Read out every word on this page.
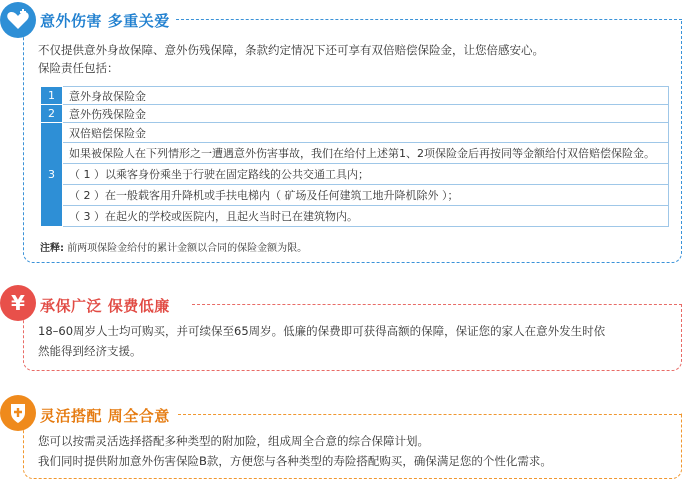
意外伤害 多重关爱
不仅提供意外身故保障、意外伤残保障，条款约定情况下还可享有双倍赔偿保险金，让您倍感安心。
保险责任包括：
1	意外身故保险金
2	意外伤残保险金
3	双倍赔偿保险金
	如果被保险人在下列情形之一遭遇意外伤害事故，我们在给付上述第1、2项保险金后再按同等金额给付双倍赔偿保险金。
	（ 1 ）以乘客身份乘坐于行驶在固定路线的公共交通工具内；
	（ 2 ）在一般载客用升降机或手扶电梯内（ 矿场及任何建筑工地升降机除外 ）；
	（ 3 ）在起火的学校或医院内，且起火当时已在建筑物内。
注释: 前两项保险金给付的累计金额以合同的保险金额为限。
¥ 承保广泛 保费低廉
18–60周岁人士均可购买，并可续保至65周岁。低廉的保费即可获得高额的保障，保证您的家人在意外发生时依
然能得到经济支援。
灵活搭配 周全合意
您可以按需灵活选择搭配多种类型的附加险，组成周全合意的综合保障计划。
我们同时提供附加意外伤害保险B款，方便您与各种类型的寿险搭配购买，确保满足您的个性化需求。
